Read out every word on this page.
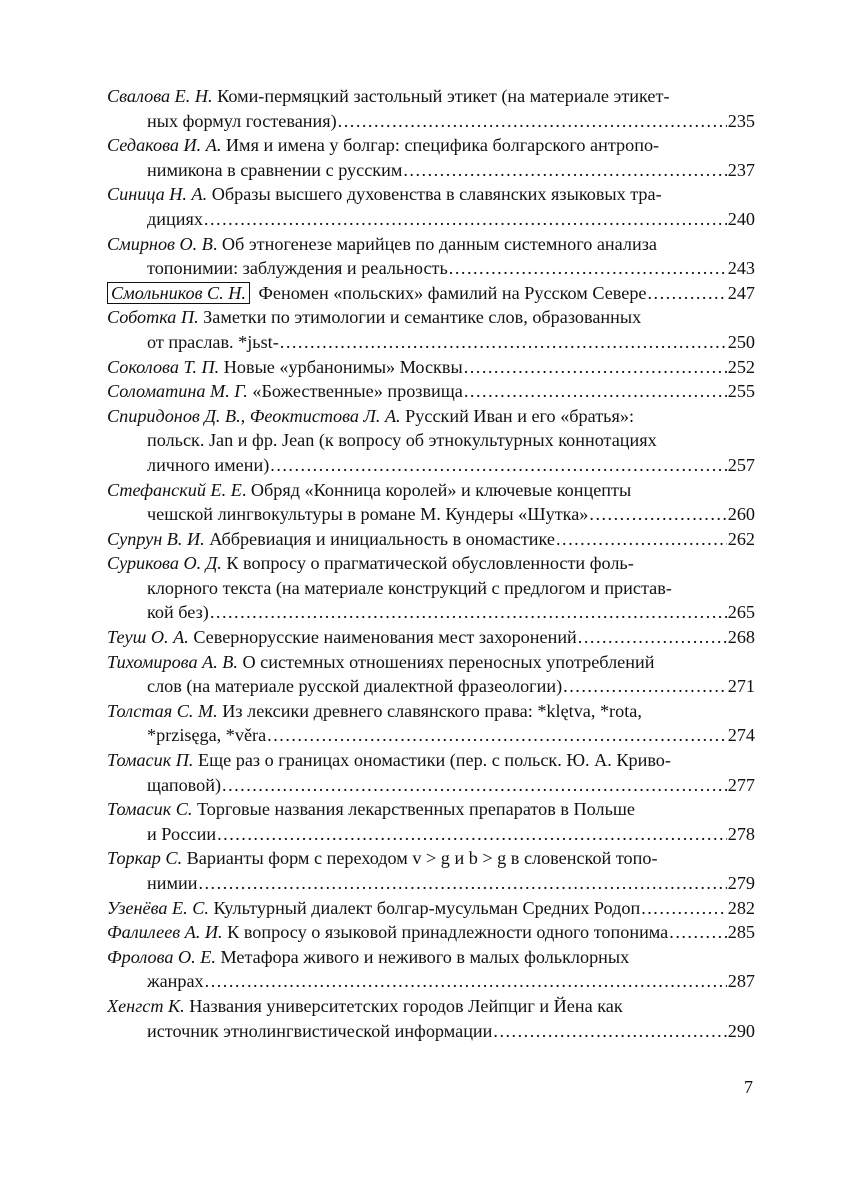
Свалова Е. Н. Коми-пермяцкий застольный этикет (на материале этикет-
ных формул гостевания) .....	235
Седакова И. А. Имя и имена у болгар: специфика болгарского антропо-
нимикона в сравнении с русским .....	237
Синица Н. А. Образы высшего духовенства в славянских языковых тра-
дициях .....	240
Смирнов О. В. Об этногенезе марийцев по данным системного анализа
топонимии: заблуждения и реальность .....	243
Смольников С. Н. Феномен «польских» фамилий на Русском Севере .....	247
Соботка П. Заметки по этимологии и семантике слов, образованных
от праслав. *jьst- .....	250
Соколова Т. П. Новые «урбанонимы» Москвы .....	252
Соломатина М. Г. «Божественные» прозвища .....	255
Спиридонов Д. В., Феоктистова Л. А. Русский Иван и его «братья»:
польск. Jan и фр. Jean (к вопросу об этнокультурных коннотациях
личного имени) .....	257
Стефанский Е. Е. Обряд «Конница королей» и ключевые концепты
чешской лингвокультуры в романе М. Кундеры «Шутка» .....	260
Супрун В. И. Аббревиация и инициальность в ономастике .....	262
Сурикова О. Д. К вопросу о прагматической обусловленности фоль-
клорного текста (на материале конструкций с предлогом и пристав-
кой без) .....	265
Теуш О. А. Севернорусские наименования мест захоронений .....	268
Тихомирова А. В. О системных отношениях переносных употреблений
слов (на материале русской диалектной фразеологии) .....	271
Толстая С. М. Из лексики древнего славянского права: *klętva, *rota,
*przisęga, *věra .....	274
Томасик П. Еще раз о границах ономастики (пер. с польск. Ю. А. Криво-
щаповой) .....	277
Томасик С. Торговые названия лекарственных препаратов в Польше
и России .....	278
Торкар С. Варианты форм с переходом v > g и b > g в словенской топо-
нимии .....	279
Узенёва Е. С. Культурный диалект болгар-мусульман Средних Родоп .....	282
Фалилеев А. И. К вопросу о языковой принадлежности одного топонима .....	285
Фролова О. Е. Метафора живого и неживого в малых фольклорных
жанрах .....	287
Хенгст К. Названия университетских городов Лейпциг и Йена как
источник этнолингвистической информации .....	290
7
